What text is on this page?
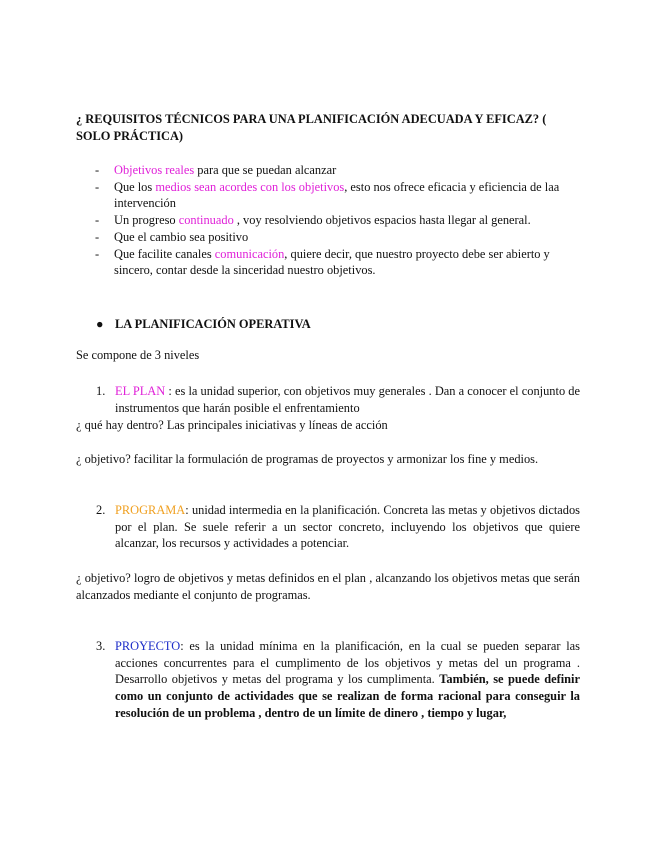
¿ REQUISITOS TÉCNICOS PARA UNA PLANIFICACIÓN ADECUADA Y EFICAZ? ( SOLO PRÁCTICA)

- Objetivos reales para que se puedan alcanzar
- Que los medios sean acordes con los objetivos, esto nos ofrece eficacia y eficiencia de laa intervención
- Un progreso continuado , voy resolviendo objetivos espacios hasta llegar al general.
- Que el cambio sea positivo
- Que facilite canales comunicación, quiere decir, que nuestro proyecto debe ser abierto y sincero, contar desde la sinceridad nuestro objetivos.
● LA PLANIFICACIÓN OPERATIVA

Se compone de 3 niveles

1. EL PLAN : es la unidad superior, con objetivos muy generales . Dan a conocer el conjunto de instrumentos que harán posible el enfrentamiento

¿ qué hay dentro? Las principales iniciativas y líneas de acción

¿ objetivo? facilitar la formulación de programas de proyectos y armonizar los fine y medios.

2. PROGRAMA: unidad intermedia en la planificación. Concreta las metas y objetivos dictados por el plan. Se suele referir a un sector concreto, incluyendo los objetivos que quiere alcanzar, los recursos y actividades a potenciar.

¿ objetivo? logro de objetivos y metas definidos en el plan , alcanzando los objetivos metas que serán alcanzados mediante el conjunto de programas.

3. PROYECTO: es la unidad mínima en la planificación, en la cual se pueden separar las acciones concurrentes para el cumplimento de los objetivos y metas del un programa . Desarrollo objetivos y metas del programa y los cumplimenta. También, se puede definir como un conjunto de actividades que se realizan de forma racional para conseguir la resolución de un problema , dentro de un límite de dinero , tiempo y lugar,
